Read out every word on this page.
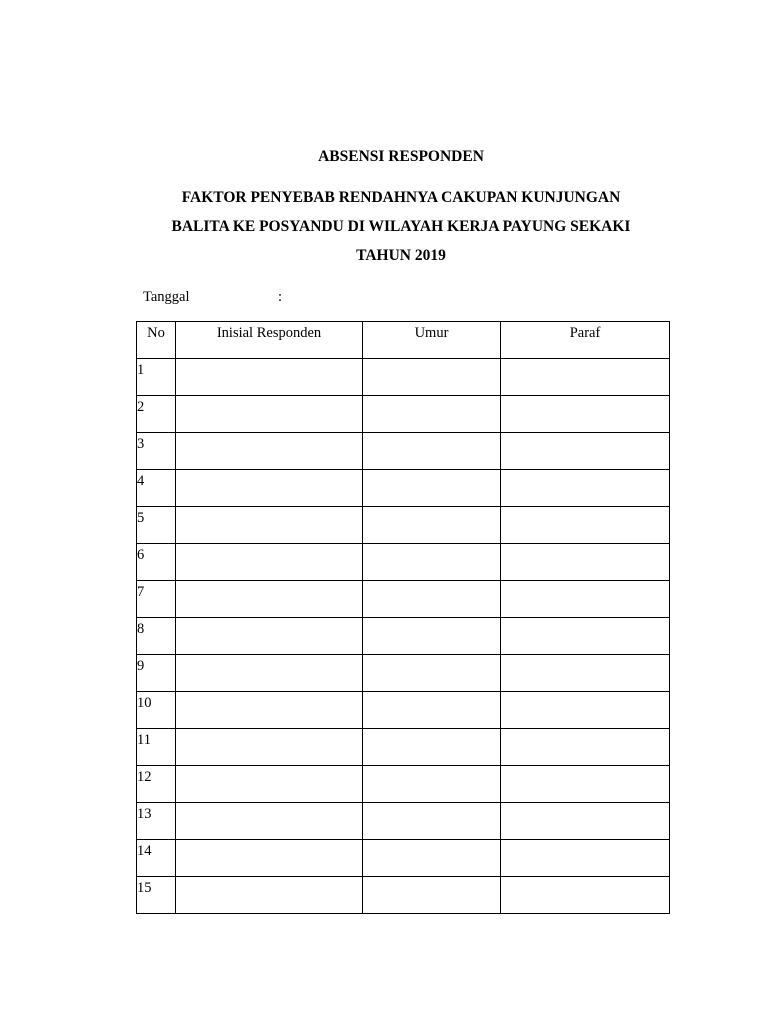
ABSENSI RESPONDEN
FAKTOR PENYEBAB RENDAHNYA CAKUPAN KUNJUNGAN
BALITA KE POSYANDU DI WILAYAH KERJA PAYUNG SEKAKI
TAHUN 2019
Tanggal	:
No	Inisial Responden	Umur	Paraf
1			
2			
3			
4			
5			
6			
7			
8			
9			
10			
11			
12			
13			
14			
15			
